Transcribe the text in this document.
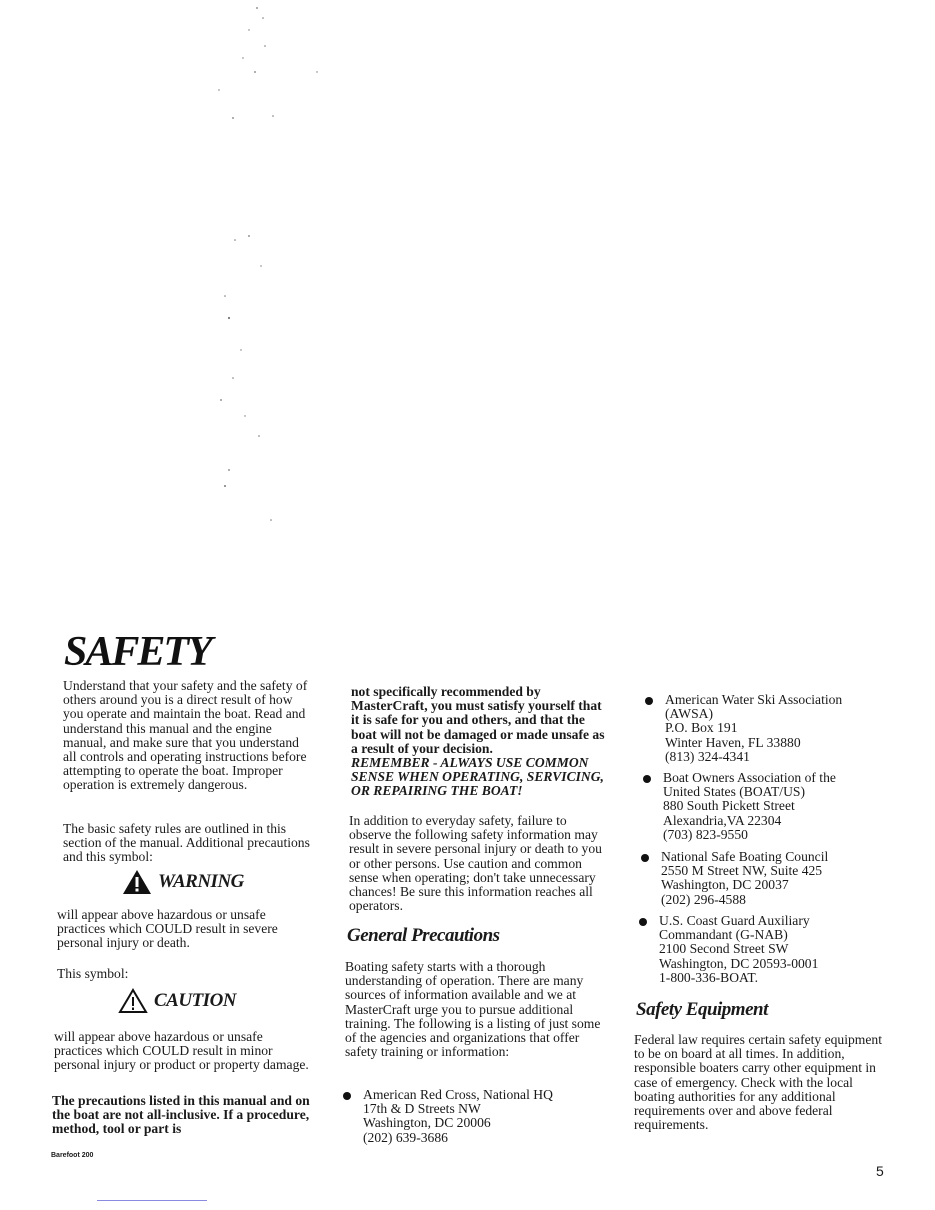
SAFETY
Understand that your safety and the safety of others around you is a direct result of how you operate and maintain the boat. Read and understand this manual and the engine manual, and make sure that you understand all controls and operating instructions before attempting to operate the boat. Improper operation is extremely dangerous.
The basic safety rules are outlined in this section of the manual. Additional precautions and this symbol:
WARNING
will appear above hazardous or unsafe practices which COULD result in severe personal injury or death.
This symbol:
CAUTION
will appear above hazardous or unsafe practices which COULD result in minor personal injury or product or property damage.
The precautions listed in this manual and on the boat are not all-inclusive. If a procedure, method, tool or part is
not specifically recommended by MasterCraft, you must satisfy yourself that it is safe for you and others, and that the boat will not be damaged or made unsafe as a result of your decision.
REMEMBER - ALWAYS USE COMMON SENSE WHEN OPERATING, SERVICING, OR REPAIRING THE BOAT!
In addition to everyday safety, failure to observe the following safety information may result in severe personal injury or death to you or other persons. Use caution and common sense when operating; don't take unnecessary chances! Be sure this information reaches all operators.
General Precautions
Boating safety starts with a thorough understanding of operation. There are many sources of information available and we at MasterCraft urge you to pursue additional training. The following is a listing of just some of the agencies and organizations that offer safety training or information:
American Red Cross, National HQ
17th & D Streets NW
Washington, DC 20006
(202) 639-3686
American Water Ski Association
(AWSA)
P.O. Box 191
Winter Haven, FL 33880
(813) 324-4341
Boat Owners Association of the
United States (BOAT/US)
880 South Pickett Street
Alexandria,VA 22304
(703) 823-9550
National Safe Boating Council
2550 M Street NW, Suite 425
Washington, DC 20037
(202) 296-4588
U.S. Coast Guard Auxiliary
Commandant (G-NAB)
2100 Second Street SW
Washington, DC 20593-0001
1-800-336-BOAT.
Safety Equipment
Federal law requires certain safety equipment to be on board at all times. In addition, responsible boaters carry other equipment in case of emergency. Check with the local boating authorities for any additional requirements over and above federal requirements.
Barefoot 200
5
